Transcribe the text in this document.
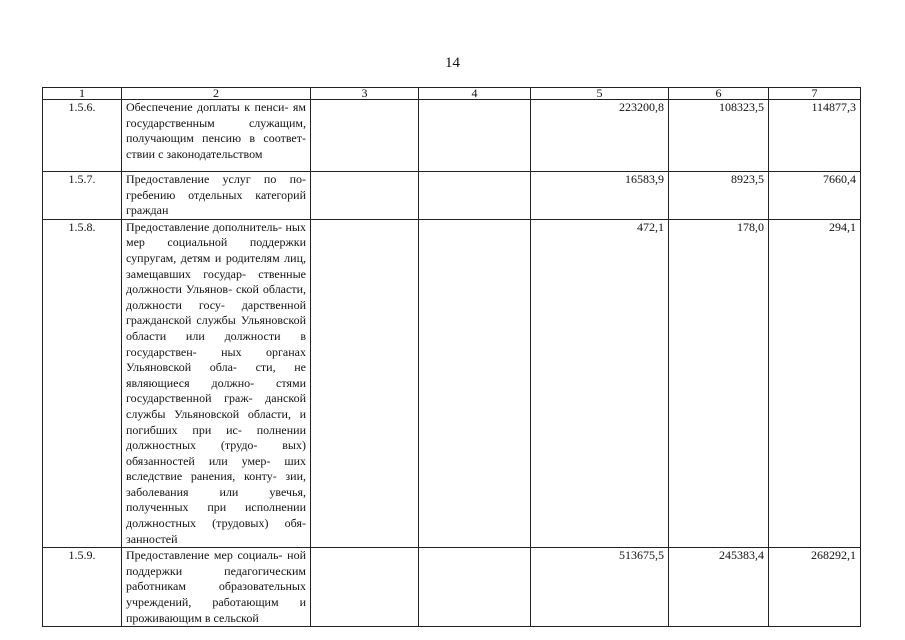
14
1	2	3	4	5	6	7
1.5.6.	Обеспечение доплаты к пенси- ям государственным служащим, получающим пенсию в соответ- ствии с законодательством			223200,8	108323,5	114877,3
1.5.7.	Предоставление услуг по по- гребению отдельных категорий граждан			16583,9	8923,5	7660,4
1.5.8.	Предоставление дополнитель- ных мер социальной поддержки супругам, детям и родителям лиц, замещавших государ- ственные должности Ульянов- ской области, должности госу- дарственной гражданской службы Ульяновской области или должности в государствен- ных органах Ульяновской обла- сти, не являющиеся должно- стями государственной граж- данской службы Ульяновской области, и погибших при ис- полнении должностных (трудо- вых) обязанностей или умер- ших вследствие ранения, конту- зии, заболевания или увечья, полученных при исполнении должностных (трудовых) обя- занностей			472,1	178,0	294,1
1.5.9.	Предоставление мер социаль- ной поддержки педагогическим работникам образовательных учреждений, работающим и проживающим в сельской			513675,5	245383,4	268292,1
